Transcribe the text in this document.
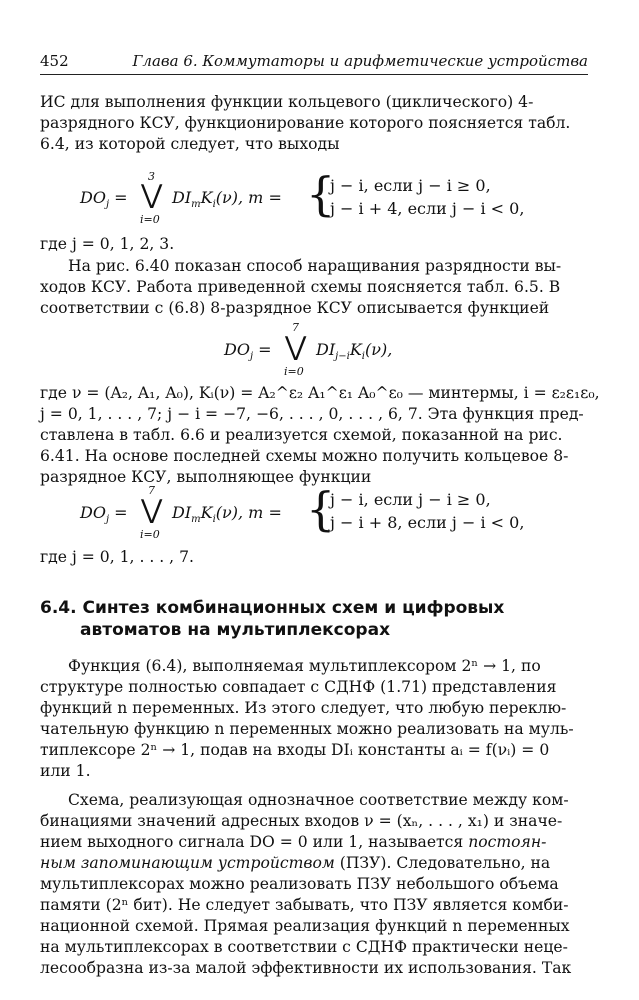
452	Глава 6. Коммутаторы и арифметические устройства
ИС для выполнения функции кольцевого (циклического) 4-
разрядного КСУ, функционирование которого поясняется табл.
6.4, из которой следует, что выходы
$DO_j$ =
3
⋁
i=0
$DI_mK_i(\nu)$, m = {
j − i, если j − i ≥ 0,
j − i + 4, если j − i < 0,
где j = 0, 1, 2, 3.
На рис. 6.40 показан способ наращивания разрядности вы-
ходов КСУ. Работа приведенной схемы поясняется табл. 6.5. В
соответствии с (6.8) 8-разрядное КСУ описывается функцией
$DO_j$ =
7
⋁
i=0
$DI_{j-i}K_i(\nu)$,
где ν = (A₂, A₁, A₀), Kᵢ(ν) = A₂^ε₂ A₁^ε₁ A₀^ε₀ — минтермы, i = ε₂ε₁ε₀,
j = 0, 1, . . . , 7; j − i = −7, −6, . . . , 0, . . . , 6, 7. Эта функция пред-
ставлена в табл. 6.6 и реализуется схемой, показанной на рис.
6.41. На основе последней схемы можно получить кольцевое 8-
разрядное КСУ, выполняющее функции
$DO_j$ =
7
⋁
i=0
$DI_mK_i(\nu)$, m = {
j − i, если j − i ≥ 0,
j − i + 8, если j − i < 0,
где j = 0, 1, . . . , 7.
6.4. Синтез комбинационных схем и цифровых
автоматов на мультиплексорах
Функция (6.4), выполняемая мультиплексором 2ⁿ → 1, по
структуре полностью совпадает с СДНФ (1.71) представления
функций n переменных. Из этого следует, что любую переклю-
чательную функцию n переменных можно реализовать на муль-
типлексоре 2ⁿ → 1, подав на входы DIᵢ константы aᵢ = f(νᵢ) = 0
или 1.
Схема, реализующая однозначное соответствие между ком-
бинациями значений адресных входов ν = (xₙ, . . . , x₁) и значе-
нием выходного сигнала DO = 0 или 1, называется постоян-
ным запоминающим устройством (ПЗУ). Следовательно, на
мультиплексорах можно реализовать ПЗУ небольшого объема
памяти (2ⁿ бит). Не следует забывать, что ПЗУ является комби-
национной схемой. Прямая реализация функций n переменных
на мультиплексорах в соответствии с СДНФ практически неце-
лесообразна из-за малой эффективности их использования. Так
